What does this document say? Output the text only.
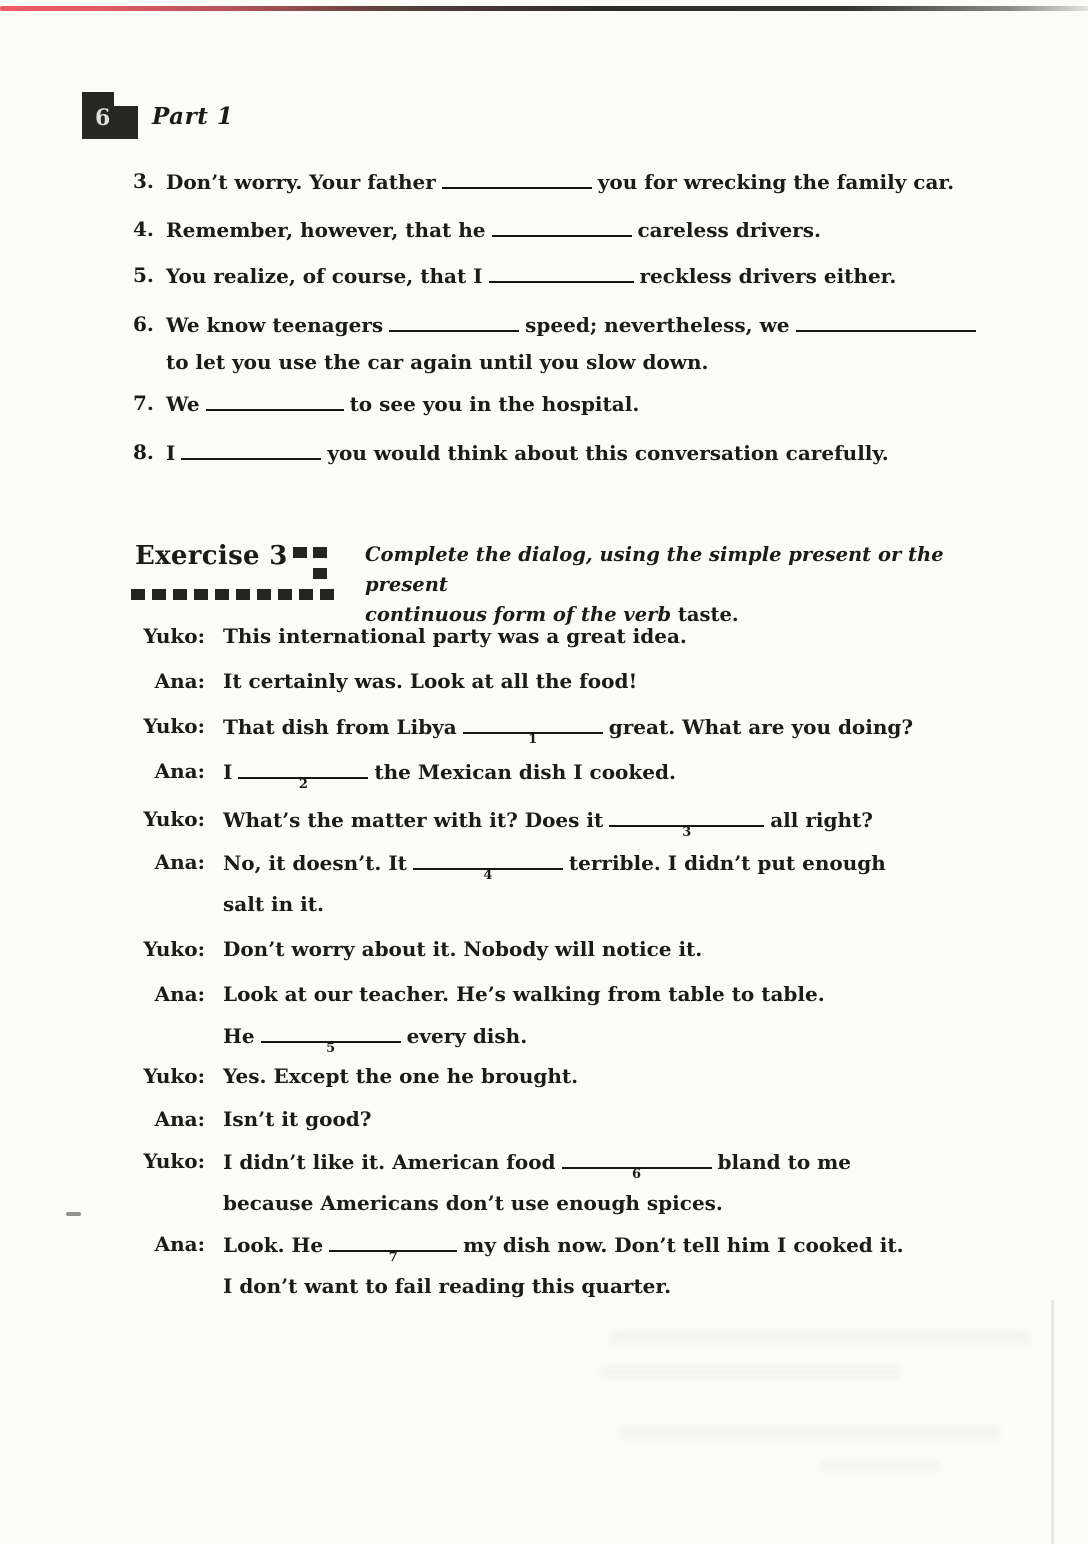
6 Part 1
3. Don’t worry. Your father	you for wrecking the family car.
4. Remember, however, that he	careless drivers.
5. You realize, of course, that I	reckless drivers either.
6. We know teenagers	speed; nevertheless, we
to let you use the car again until you slow down.
7. We	to see you in the hospital.
8. I	you would think about this conversation carefully.
Exercise 3	Complete the dialog, using the simple present or the present
continuous form of the verb taste.
Yuko: This international party was a great idea.
Ana: It certainly was. Look at all the food!
Yuko: That dish from Libya
1
great. What are you doing?
Ana: I
2
the Mexican dish I cooked.
Yuko: What’s the matter with it? Does it
3
all right?
Ana: No, it doesn’t. It
4
terrible. I didn’t put enough
salt in it.
Yuko: Don’t worry about it. Nobody will notice it.
Ana: Look at our teacher. He’s walking from table to table.
He
5
every dish.
Yuko: Yes. Except the one he brought.
Ana: Isn’t it good?
Yuko: I didn’t like it. American food
6
bland to me
because Americans don’t use enough spices.
Ana: Look. He
7
my dish now. Don’t tell him I cooked it.
I don’t want to fail reading this quarter.
